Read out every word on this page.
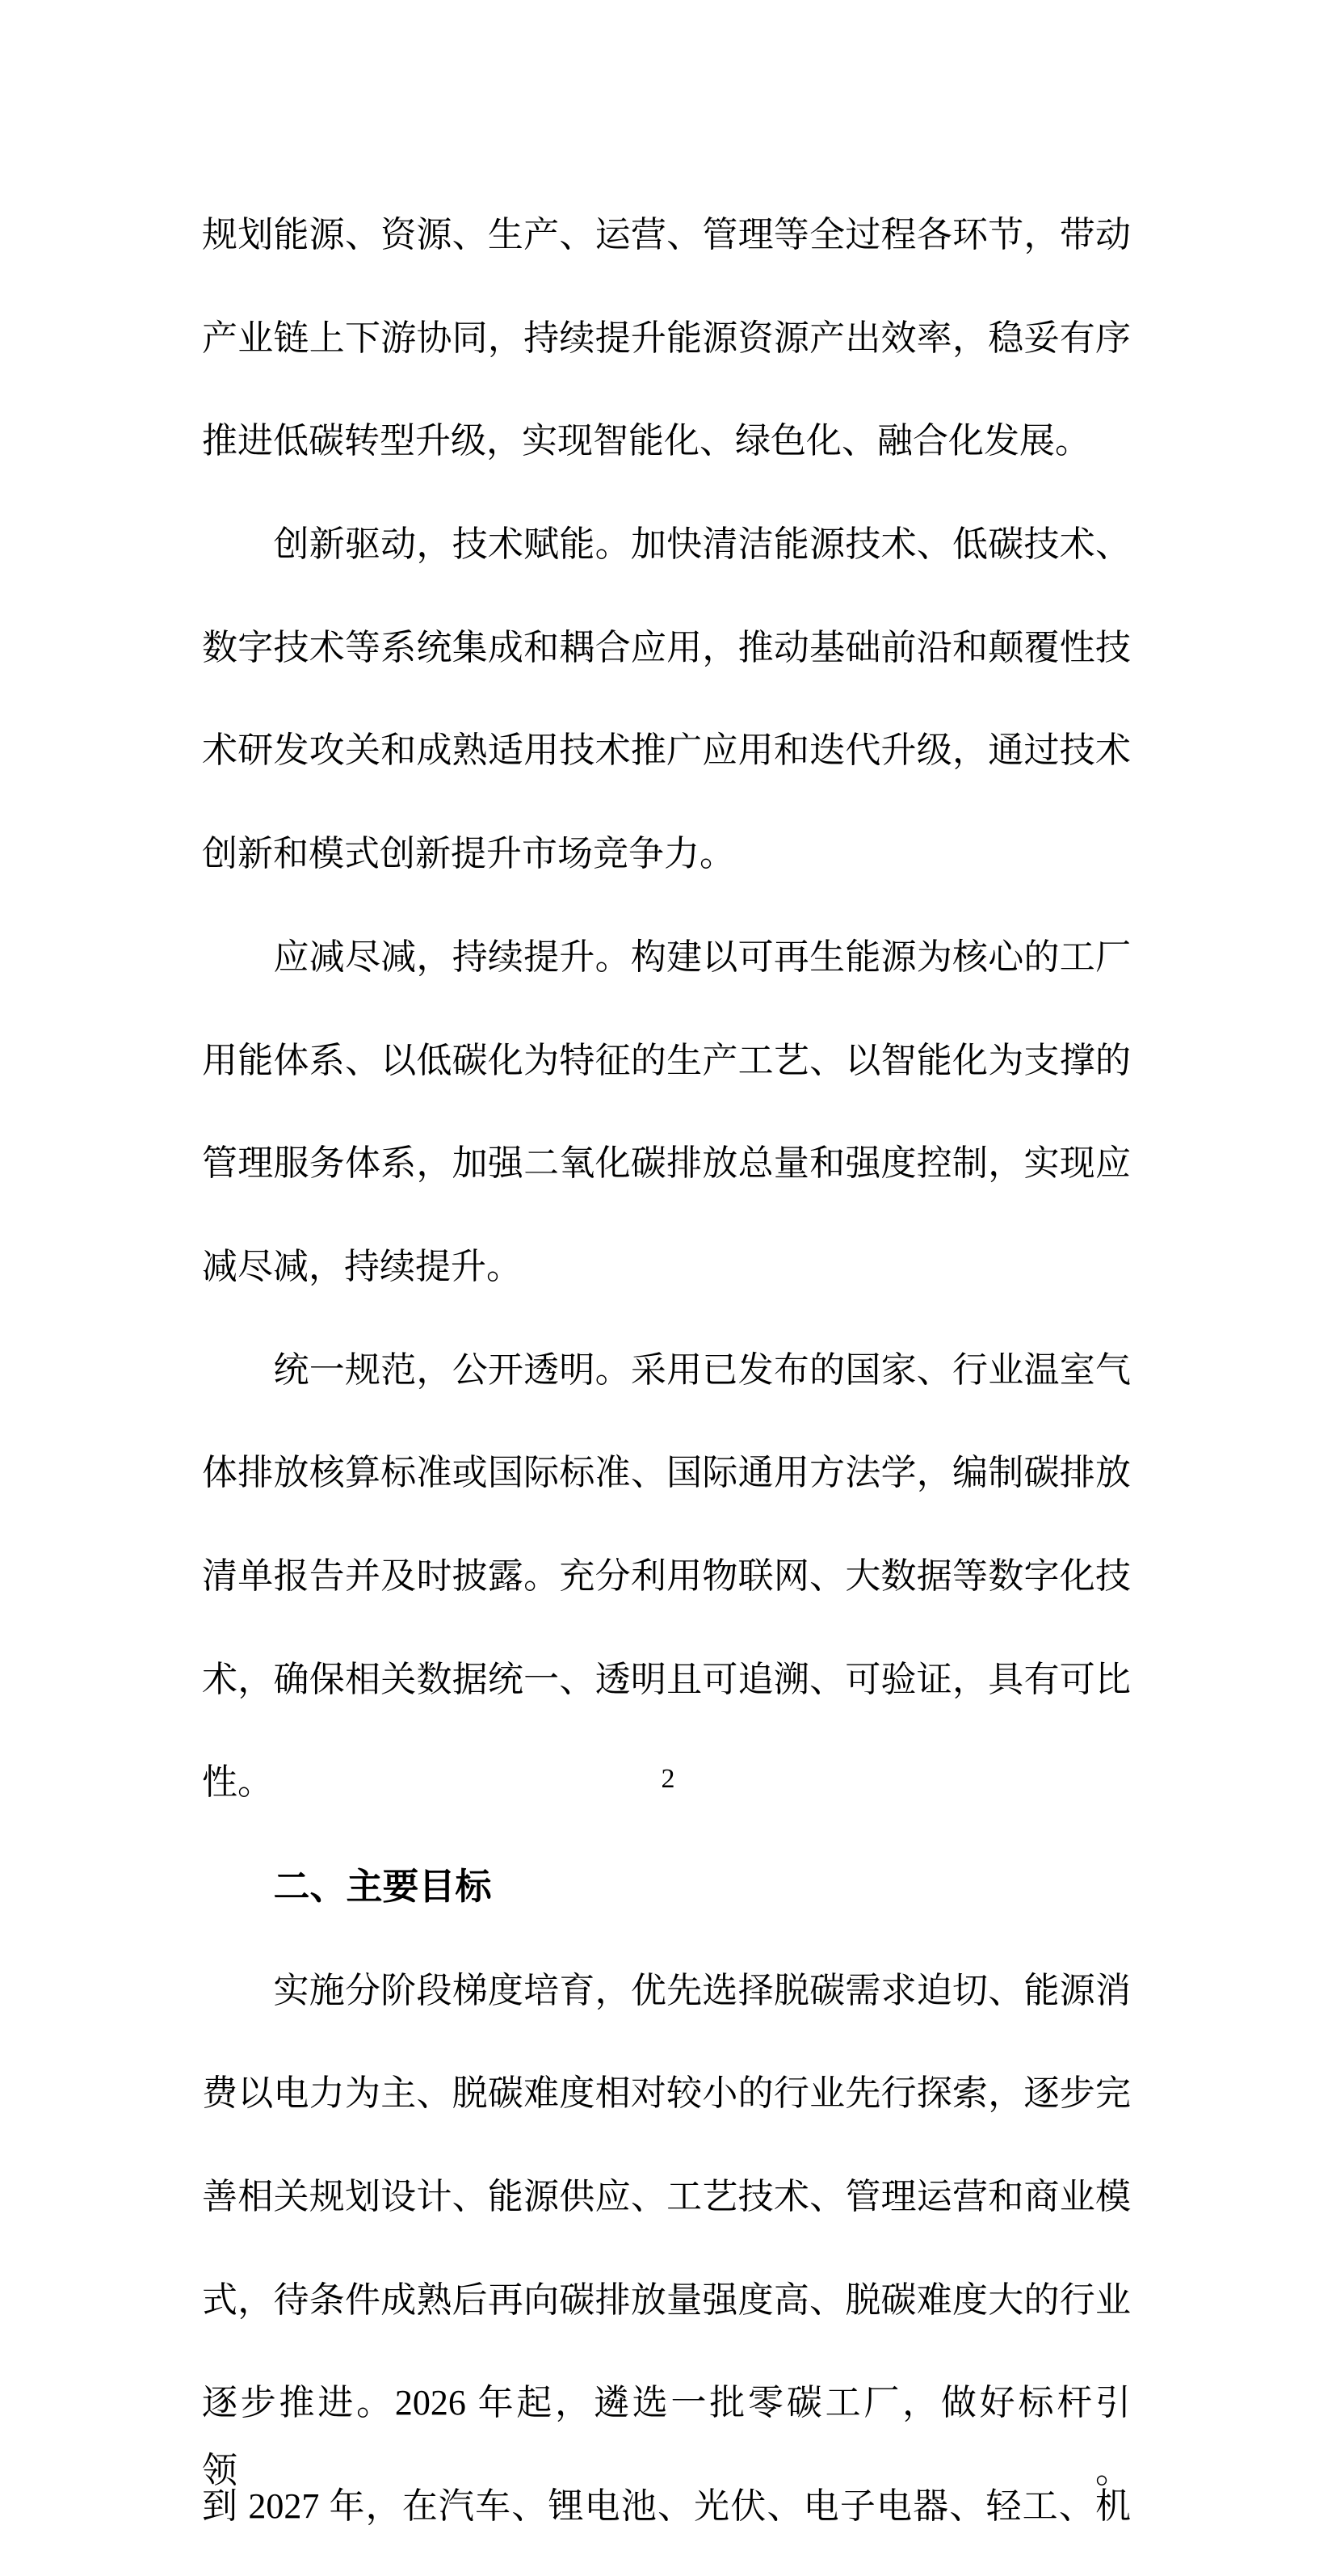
规划能源、资源、生产、运营、管理等全过程各环节，带动

产业链上下游协同，持续提升能源资源产出效率，稳妥有序

推进低碳转型升级，实现智能化、绿色化、融合化发展。

创新驱动，技术赋能。加快清洁能源技术、低碳技术、

数字技术等系统集成和耦合应用，推动基础前沿和颠覆性技

术研发攻关和成熟适用技术推广应用和迭代升级，通过技术

创新和模式创新提升市场竞争力。

应减尽减，持续提升。构建以可再生能源为核心的工厂

用能体系、以低碳化为特征的生产工艺、以智能化为支撑的

管理服务体系，加强二氧化碳排放总量和强度控制，实现应

减尽减，持续提升。

统一规范，公开透明。采用已发布的国家、行业温室气

体排放核算标准或国际标准、国际通用方法学，编制碳排放

清单报告并及时披露。充分利用物联网、大数据等数字化技

术，确保相关数据统一、透明且可追溯、可验证，具有可比

性。

二、主要目标

实施分阶段梯度培育，优先选择脱碳需求迫切、能源消

费以电力为主、脱碳难度相对较小的行业先行探索，逐步完

善相关规划设计、能源供应、工艺技术、管理运营和商业模

式，待条件成熟后再向碳排放量强度高、脱碳难度大的行业

逐步推进。2026 年起，遴选一批零碳工厂，做好标杆引领。

到 2027 年，在汽车、锂电池、光伏、电子电器、轻工、机

2
